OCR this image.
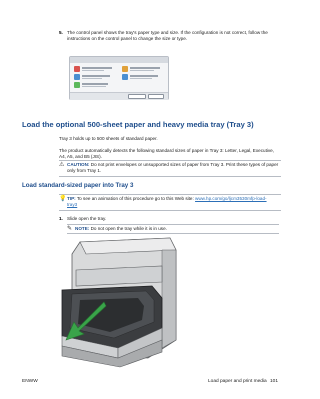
5. The control panel shows the tray's paper type and size. If the configuration is not correct, follow the instructions on the control panel to change the size or type.
Load the optional 500-sheet paper and heavy media tray (Tray 3)
Tray 3 holds up to 500 sheets of standard paper.
The product automatically detects the following standard sizes of paper in Tray 3: Letter, Legal, Executive, A4, A5, and B5 (JIS).
⚠ CAUTION: Do not print envelopes or unsupported sizes of paper from Tray 3. Print these types of paper only from Tray 1.
Load standard-sized paper into Tray 3
💡 TIP: To see an animation of this procedure go to this Web site: www.hp.com/go/ljcm3530mfp-load-
tray3
1. Slide open the tray.
✎ NOTE: Do not open the tray while it is in use.
ENWW	Load paper and print media 101
